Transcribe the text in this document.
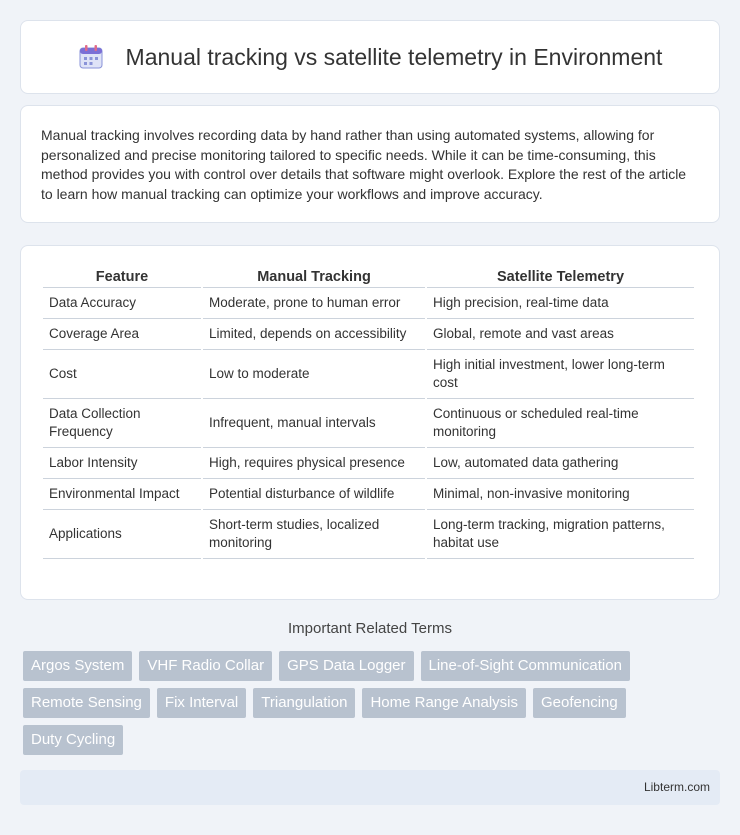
Manual tracking vs satellite telemetry in Environment

Manual tracking involves recording data by hand rather than using automated systems, allowing for personalized and precise monitoring tailored to specific needs. While it can be time-consuming, this method provides you with control over details that software might overlook. Explore the rest of the article to learn how manual tracking can optimize your workflows and improve accuracy.

Feature	Manual Tracking	Satellite Telemetry
Data Accuracy	Moderate, prone to human error	High precision, real-time data
Coverage Area	Limited, depends on accessibility	Global, remote and vast areas
Cost	Low to moderate	High initial investment, lower long-term cost
Data Collection Frequency	Infrequent, manual intervals	Continuous or scheduled real-time monitoring
Labor Intensity	High, requires physical presence	Low, automated data gathering
Environmental Impact	Potential disturbance of wildlife	Minimal, non-invasive monitoring
Applications	Short-term studies, localized monitoring	Long-term tracking, migration patterns, habitat use
Important Related Terms
Argos System	VHF Radio Collar	GPS Data Logger	Line-of-Sight Communication
Remote Sensing	Fix Interval	Triangulation	Home Range Analysis	Geofencing
Duty Cycling
Libterm.com
